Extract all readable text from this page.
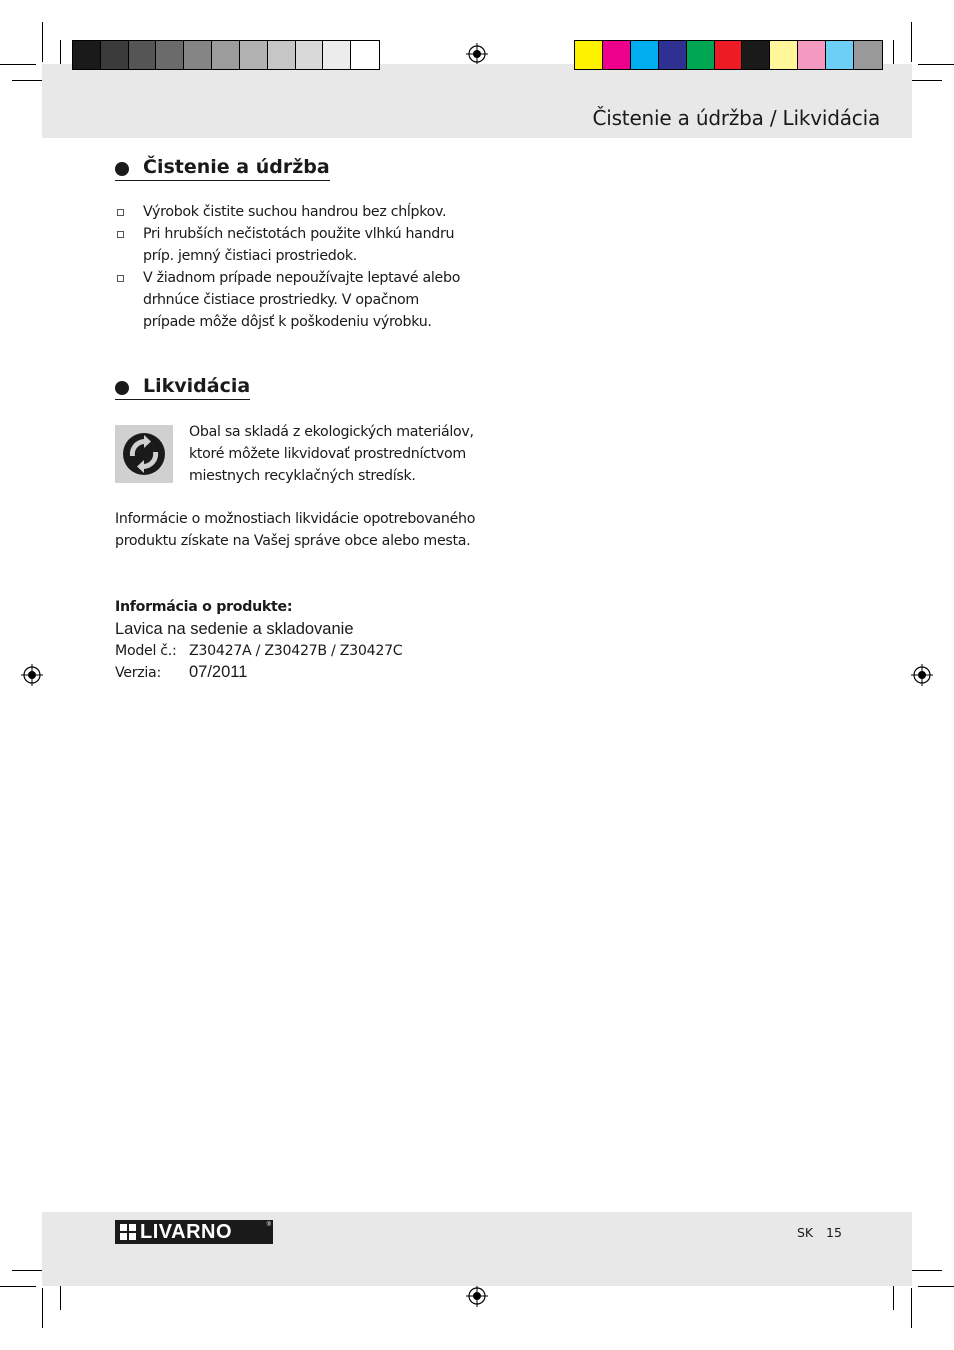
Čistenie a údržba / Likvidácia
Čistenie a údržba
Výrobok čistite suchou handrou bez chĺpkov.
Pri hrubších nečistotách použite vlhkú handru príp. jemný čistiaci prostriedok.
V žiadnom prípade nepoužívajte leptavé alebo drhnúce čistiace prostriedky. V opačnom prípade môže dôjsť k poškodeniu výrobku.
Likvidácia
Obal sa skladá z ekologických materiálov, ktoré môžete likvidovať prostredníctvom miestnych recyklačných stredísk.
Informácie o možnostiach likvidácie opotrebovaného produktu získate na Vašej správe obce alebo mesta.
Informácia o produkte:
Lavica na sedenie a skladovanie
Model č.: Z30427A / Z30427B / Z30427C
Verzia: 07/2011
LIVARNO	®	SK 15
